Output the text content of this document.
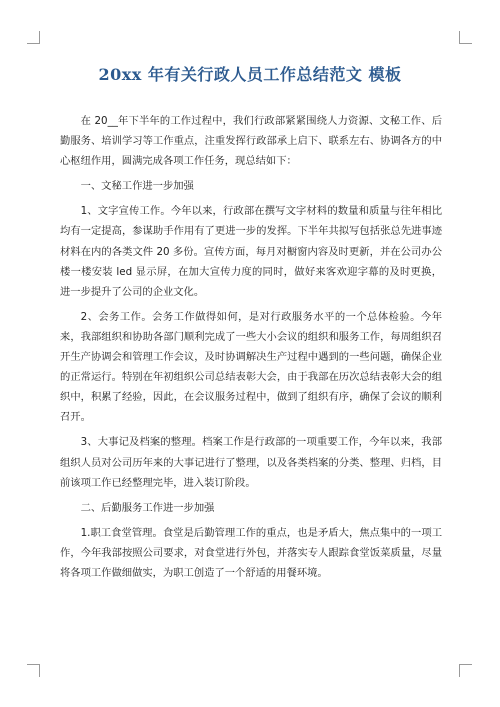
20xx 年有关行政人员工作总结范文 模板

在 20__年下半年的工作过程中，我们行政部紧紧围绕人力资源、文秘工作、后勤服务、培训学习等工作重点，注重发挥行政部承上启下、联系左右、协调各方的中心枢纽作用，圆满完成各项工作任务，现总结如下：

一、文秘工作进一步加强

1、文字宣传工作。今年以来，行政部在撰写文字材料的数量和质量与往年相比均有一定提高，参谋助手作用有了更进一步的发挥。下半年共拟写包括张总先进事迹材料在内的各类文件 20 多份。宣传方面，每月对橱窗内容及时更新，并在公司办公楼一楼安装 led 显示屏，在加大宣传力度的同时，做好来客欢迎字幕的及时更换，进一步提升了公司的企业文化。

2、会务工作。会务工作做得如何，是对行政服务水平的一个总体检验。今年来，我部组织和协助各部门顺利完成了一些大小会议的组织和服务工作，每周组织召开生产协调会和管理工作会议，及时协调解决生产过程中遇到的一些问题，确保企业的正常运行。特别在年初组织公司总结表彰大会，由于我部在历次总结表彰大会的组织中，积累了经验，因此，在会议服务过程中，做到了组织有序，确保了会议的顺利召开。

3、大事记及档案的整理。档案工作是行政部的一项重要工作，今年以来，我部组织人员对公司历年来的大事记进行了整理，以及各类档案的分类、整理、归档，目前该项工作已经整理完毕，进入装订阶段。

二、后勤服务工作进一步加强

1.职工食堂管理。食堂是后勤管理工作的重点，也是矛盾大，焦点集中的一项工作，今年我部按照公司要求，对食堂进行外包，并落实专人跟踪食堂饭菜质量，尽量将各项工作做细做实，为职工创造了一个舒适的用餐环境。
